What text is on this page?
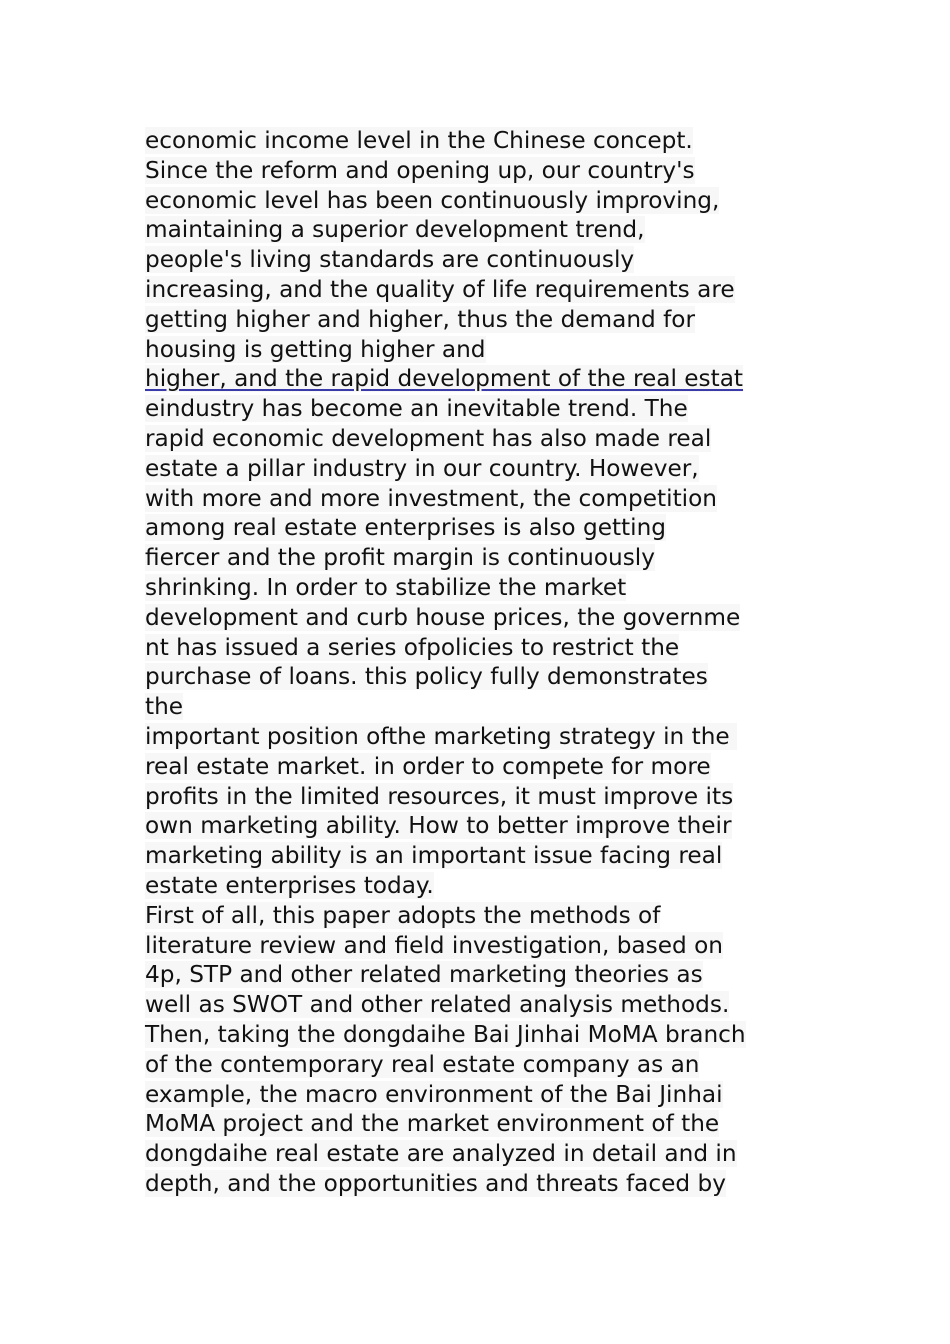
economic income level in the Chinese concept.
Since the reform and opening up, our country's
economic level has been continuously improving,
maintaining a superior development trend,
people's living standards are continuously
increasing, and the quality of life requirements are
getting higher and higher, thus the demand for
housing is getting higher and
higher, and the rapid development of the real estat
eindustry has become an inevitable trend. The
rapid economic development has also made real
estate a pillar industry in our country. However,
with more and more investment, the competition
among real estate enterprises is also getting
fiercer and the profit margin is continuously
shrinking. In order to stabilize the market
development and curb house prices, the governme
nt has issued a series ofpolicies to restrict the
purchase of loans. this policy fully demonstrates
the
important position ofthe marketing strategy in the
real estate market. in order to compete for more
profits in the limited resources, it must improve its
own marketing ability. How to better improve their
marketing ability is an important issue facing real
estate enterprises today.
First of all, this paper adopts the methods of
literature review and field investigation, based on
4p, STP and other related marketing theories as
well as SWOT and other related analysis methods.
Then, taking the dongdaihe Bai Jinhai MoMA branch
of the contemporary real estate company as an
example, the macro environment of the Bai Jinhai
MoMA project and the market environment of the
dongdaihe real estate are analyzed in detail and in
depth, and the opportunities and threats faced by
